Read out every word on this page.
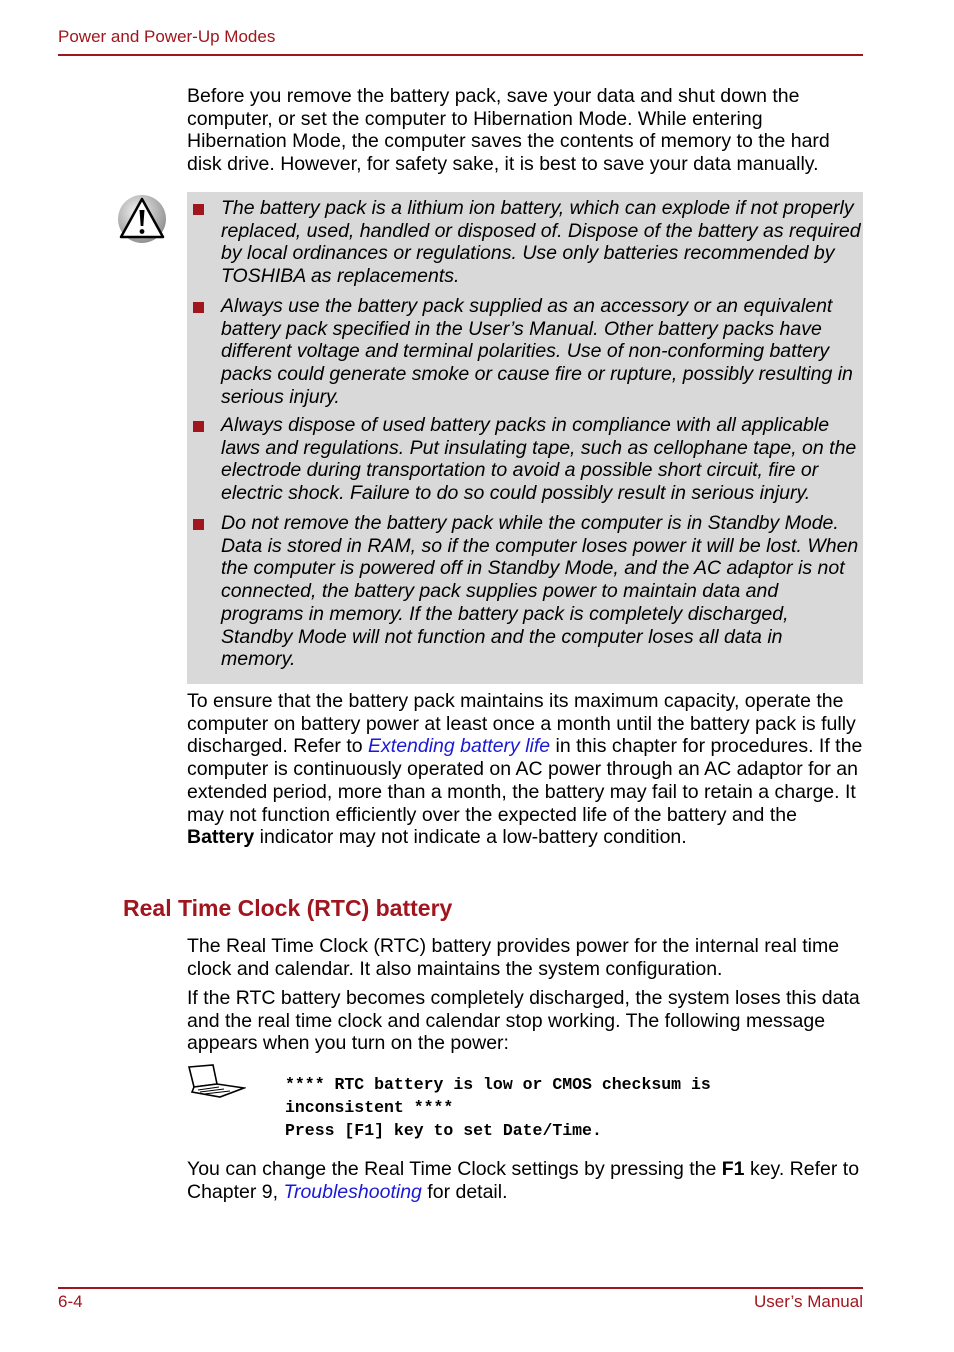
Power and Power-Up Modes

Before you remove the battery pack, save your data and shut down the computer, or set the computer to Hibernation Mode. While entering Hibernation Mode, the computer saves the contents of memory to the hard disk drive. However, for safety sake, it is best to save your data manually.

The battery pack is a lithium ion battery, which can explode if not properly replaced, used, handled or disposed of. Dispose of the battery as required by local ordinances or regulations. Use only batteries recommended by TOSHIBA as replacements.
Always use the battery pack supplied as an accessory or an equivalent battery pack specified in the User’s Manual. Other battery packs have different voltage and terminal polarities. Use of non-conforming battery packs could generate smoke or cause fire or rupture, possibly resulting in serious injury.
Always dispose of used battery packs in compliance with all applicable laws and regulations. Put insulating tape, such as cellophane tape, on the electrode during transportation to avoid a possible short circuit, fire or electric shock. Failure to do so could possibly result in serious injury.
Do not remove the battery pack while the computer is in Standby Mode. Data is stored in RAM, so if the computer loses power it will be lost. When the computer is powered off in Standby Mode, and the AC adaptor is not connected, the battery pack supplies power to maintain data and programs in memory. If the battery pack is completely discharged, Standby Mode will not function and the computer loses all data in memory.

To ensure that the battery pack maintains its maximum capacity, operate the computer on battery power at least once a month until the battery pack is fully discharged. Refer to Extending battery life in this chapter for procedures. If the computer is continuously operated on AC power through an AC adaptor for an extended period, more than a month, the battery may fail to retain a charge. It may not function efficiently over the expected life of the battery and the Battery indicator may not indicate a low-battery condition.

Real Time Clock (RTC) battery

The Real Time Clock (RTC) battery provides power for the internal real time clock and calendar. It also maintains the system configuration.

If the RTC battery becomes completely discharged, the system loses this data and the real time clock and calendar stop working. The following message appears when you turn on the power:

**** RTC battery is low or CMOS checksum is
inconsistent ****
Press [F1] key to set Date/Time.

You can change the Real Time Clock settings by pressing the F1 key. Refer to Chapter 9, Troubleshooting for detail.

6-4	User’s Manual
